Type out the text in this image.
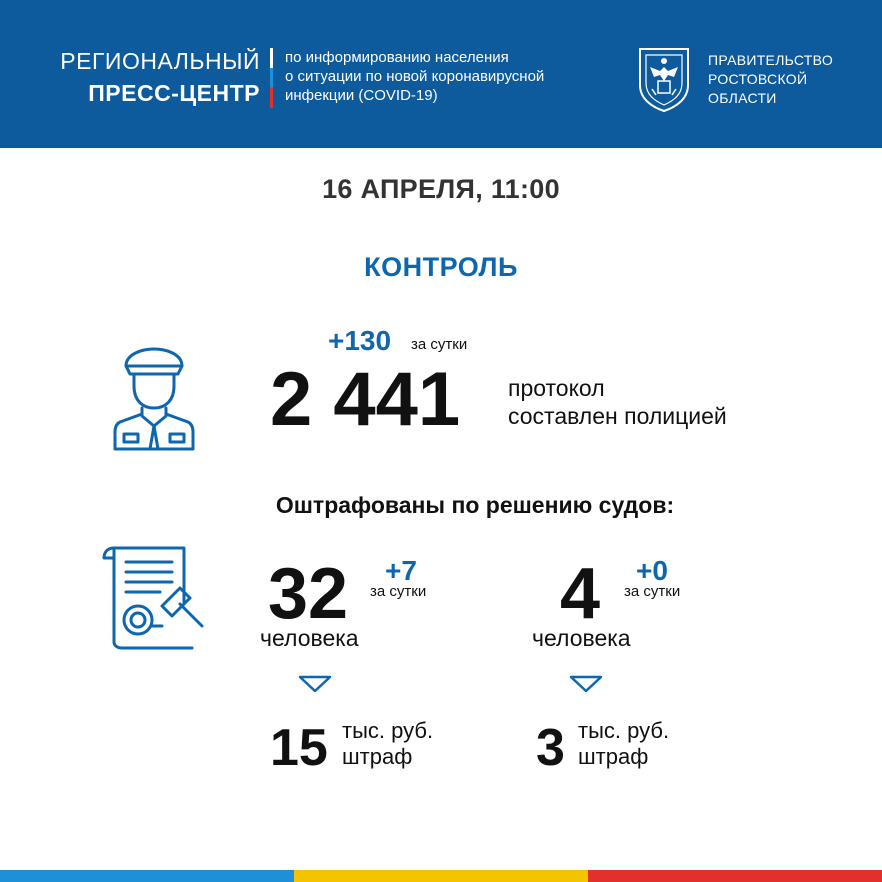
РЕГИОНАЛЬНЫЙ
ПРЕСС-ЦЕНТР
по информированию населения
о ситуации по новой коронавирусной
инфекции (COVID-19)
ПРАВИТЕЛЬСТВО
РОСТОВСКОЙ
ОБЛАСТИ
16 АПРЕЛЯ, 11:00
КОНТРОЛЬ
+130 за сутки
2 441 протокол
составлен полицией
Оштрафованы по решению судов:
32 +7
за сутки
человека
15 тыс. руб.
штраф
4 +0
за сутки
человека
3 тыс. руб.
штраф
